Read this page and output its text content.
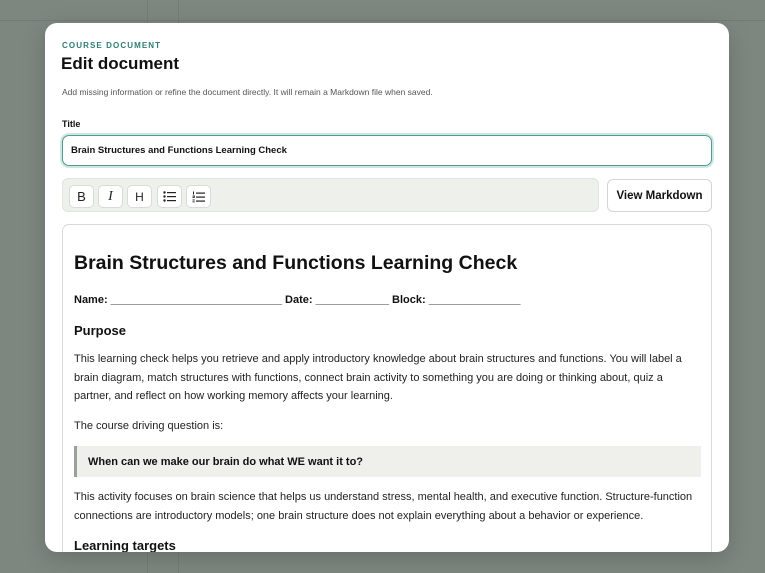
COURSE DOCUMENT
Edit document
Add missing information or refine the document directly. It will remain a Markdown file when saved.
Title
Brain Structures and Functions Learning Check
B I H	View Markdown
Brain Structures and Functions Learning Check
Name: ____________________________ Date: ____________ Block: _______________
Purpose
This learning check helps you retrieve and apply introductory knowledge about brain structures and functions. You will label a brain diagram, match structures with functions, connect brain activity to something you are doing or thinking about, quiz a partner, and reflect on how working memory affects your learning.
The course driving question is:
When can we make our brain do what WE want it to?
This activity focuses on brain science that helps us understand stress, mental health, and executive function. Structure-function connections are introductory models; one brain structure does not explain everything about a behavior or experience.
Learning targets
